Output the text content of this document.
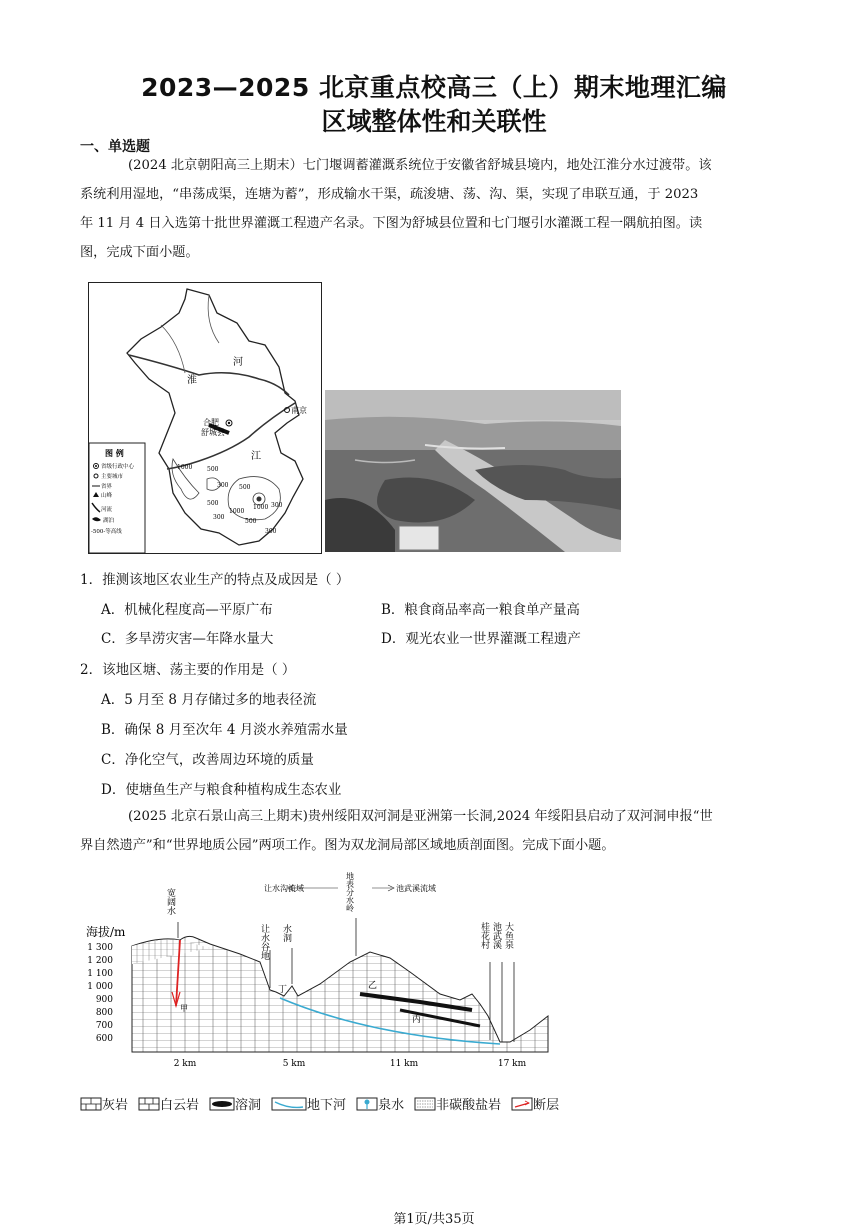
2023—2025 北京重点校高三（上）期末地理汇编
区域整体性和关联性
一、单选题
(2024 北京朝阳高三上期末）七门堰调蓄灌溉系统位于安徽省舒城县境内，地处江淮分水过渡带。该
系统利用湿地，“串荡成渠，连塘为蓄”，形成输水干渠，疏浚塘、荡、沟、渠，实现了串联互通，于 2023
年 11 月 4 日入选第十批世界灌溉工程遗产名录。下图为舒城县位置和七门堰引水灌溉工程一隅航拍图。读
图，完成下面小题。
淮
河
江
合肥
舒城县
南京
1000 500
300
500
300
500
1000 300
500
300
1000
图 例
省级行政中心
主要城市
省界
山峰
河流
湖泊
-500-等高线
1．推测该地区农业生产的特点及成因是（ ）
A．机械化程度高—平原广布	B．粮食商品率高一粮食单产量高
C．多旱涝灾害—年降水量大	D．观光农业一世界灌溉工程遗产
2．该地区塘、荡主要的作用是（ ）
A．5 月至 8 月存储过多的地表径流
B．确保 8 月至次年 4 月淡水养殖需水量
C．净化空气，改善周边环境的质量
D．使塘鱼生产与粮食种植构成生态农业
(2025 北京石景山高三上期末)贵州绥阳双河洞是亚洲第一长洞,2024 年绥阳县启动了双河洞申报“世
界自然遗产”和“世界地质公园”两项工作。图为双龙洞局部区域地质剖面图。完成下面小题。
海拔/m
1 300
1 200
1 100
1 000
900
800
700
600
2 km	5 km	11 km	17 km
甲
乙
丙
丁
宽阔水
让水谷地 水洞
地表分水岭
让水沟流域	池武溪流域
桂花村 池武溪 大鱼泉
灰岩 白云岩	溶洞	地下河 泉水 非碳酸盐岩 断层
第1页/共35页
